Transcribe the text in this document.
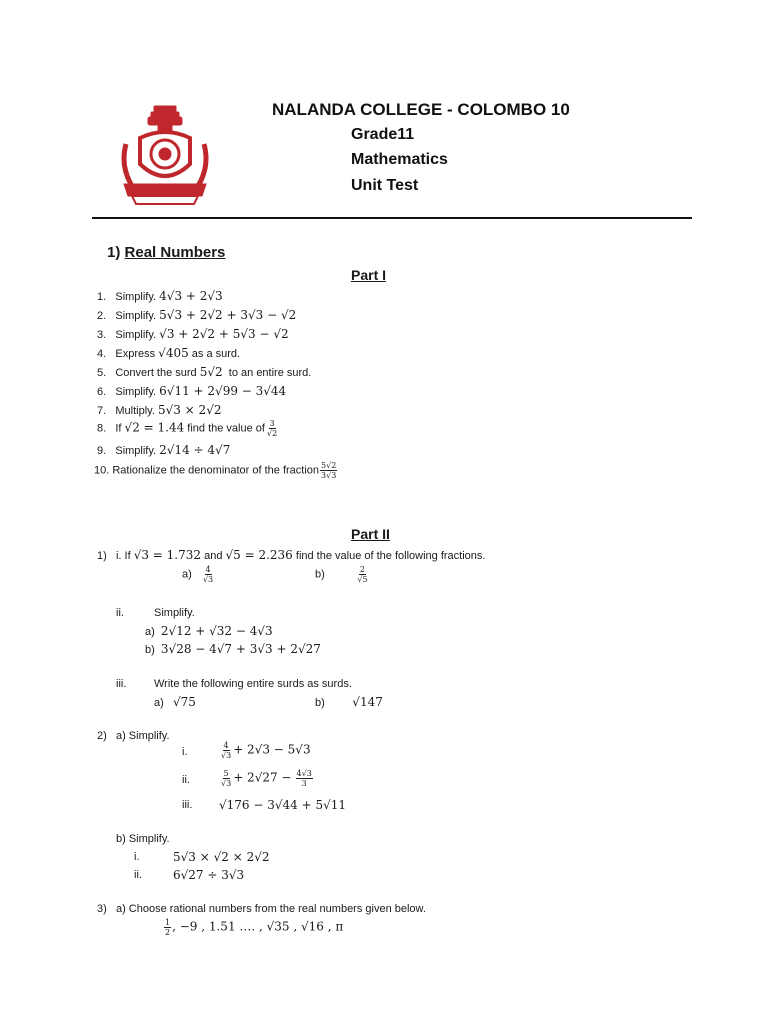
NALANDA COLLEGE - COLOMBO 10
Grade11
Mathematics
Unit Test
1) Real Numbers
Part I
1. Simplify. 4√3 + 2√3
2. Simplify. 5√3 + 2√2 + 3√3 − √2
3. Simplify. √3 + 2√2 + 5√3 − √2
4. Express √405 as a surd.
5. Convert the surd 5√2 to an entire surd.
6. Simplify. 6√11 + 2√99 − 3√44
7. Multiply. 5√3 × 2√2
8. If √2 = 1.44 find the value of $\frac{3}{√2}$
9. Simplify. 2√14 ÷ 4√7
10. Rationalize the denominator of the fraction $\frac{5√2}{3√3}$
Part II
1) i. If √3 = 1.732 and √5 = 2.236 find the value of the following fractions.
$a) \frac{4}{√3}$	b)	$\frac{2}{√5}$
ii.	Simplify.
a) 2√12 + √32 − 4√3
b) 3√28 − 4√7 + 3√3 + 2√27
iii.	Write the following entire surds as surds.
a) √75	b) √147
2) a) Simplify.
i.	$\frac{4}{√3} + 2√3 - 5√3$
ii.	$\frac{5}{√3} + 2√27 - \frac{4√3}{3}$
iii. √176 − 3√44 + 5√11
b) Simplify.
i.	5√3 × √2 × 2√2
ii.	6√27 ÷ 3√3
3) a) Choose rational numbers from the real numbers given below.
$\frac{1}{2}$ , −9 , 1.51 …. , √35 , √16 , π
